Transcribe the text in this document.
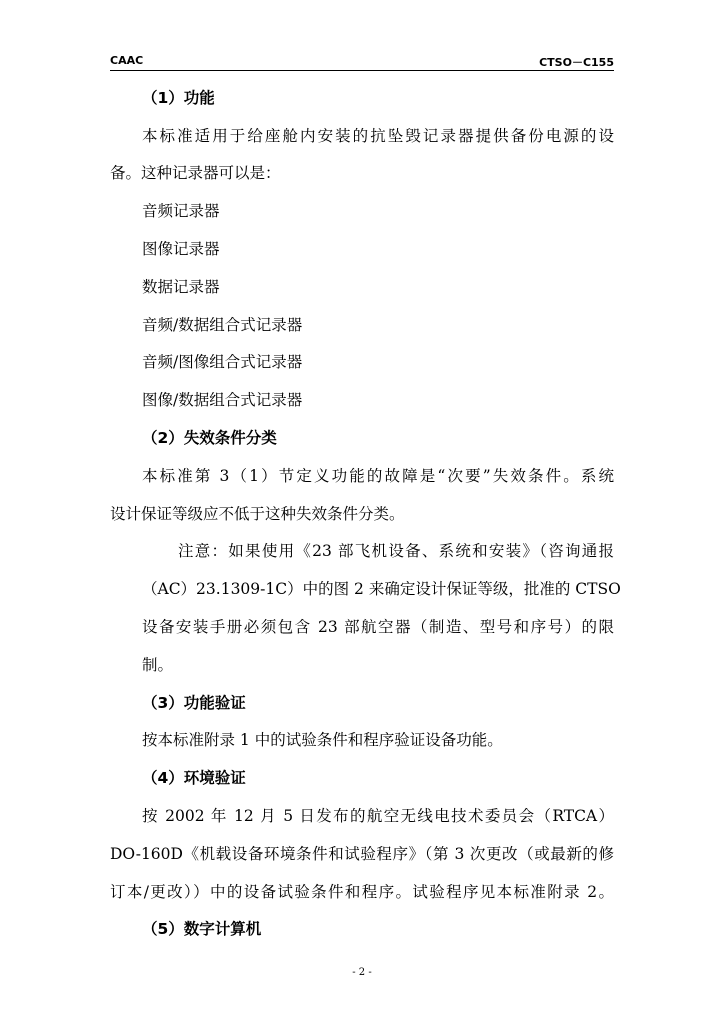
CAAC	CTSO－C155
（1）功能
本标准适用于给座舱内安装的抗坠毁记录器提供备份电源的设
备。这种记录器可以是：
音频记录器
图像记录器
数据记录器
音频/数据组合式记录器
音频/图像组合式记录器
图像/数据组合式记录器
（2）失效条件分类
本标准第 3（1）节定义功能的故障是“次要”失效条件。系统
设计保证等级应不低于这种失效条件分类。
注意：如果使用《23 部飞机设备、系统和安装》（咨询通报
（AC）23.1309-1C）中的图 2 来确定设计保证等级，批准的 CTSO
设备安装手册必须包含 23 部航空器（制造、型号和序号）的限
制。
（3）功能验证
按本标准附录 1 中的试验条件和程序验证设备功能。
（4）环境验证
按 2002 年 12 月 5 日发布的航空无线电技术委员会（RTCA）
DO-160D《机载设备环境条件和试验程序》（第 3 次更改（或最新的修
订本/更改））中的设备试验条件和程序。试验程序见本标准附录 2。
（5）数字计算机
- 2 -
